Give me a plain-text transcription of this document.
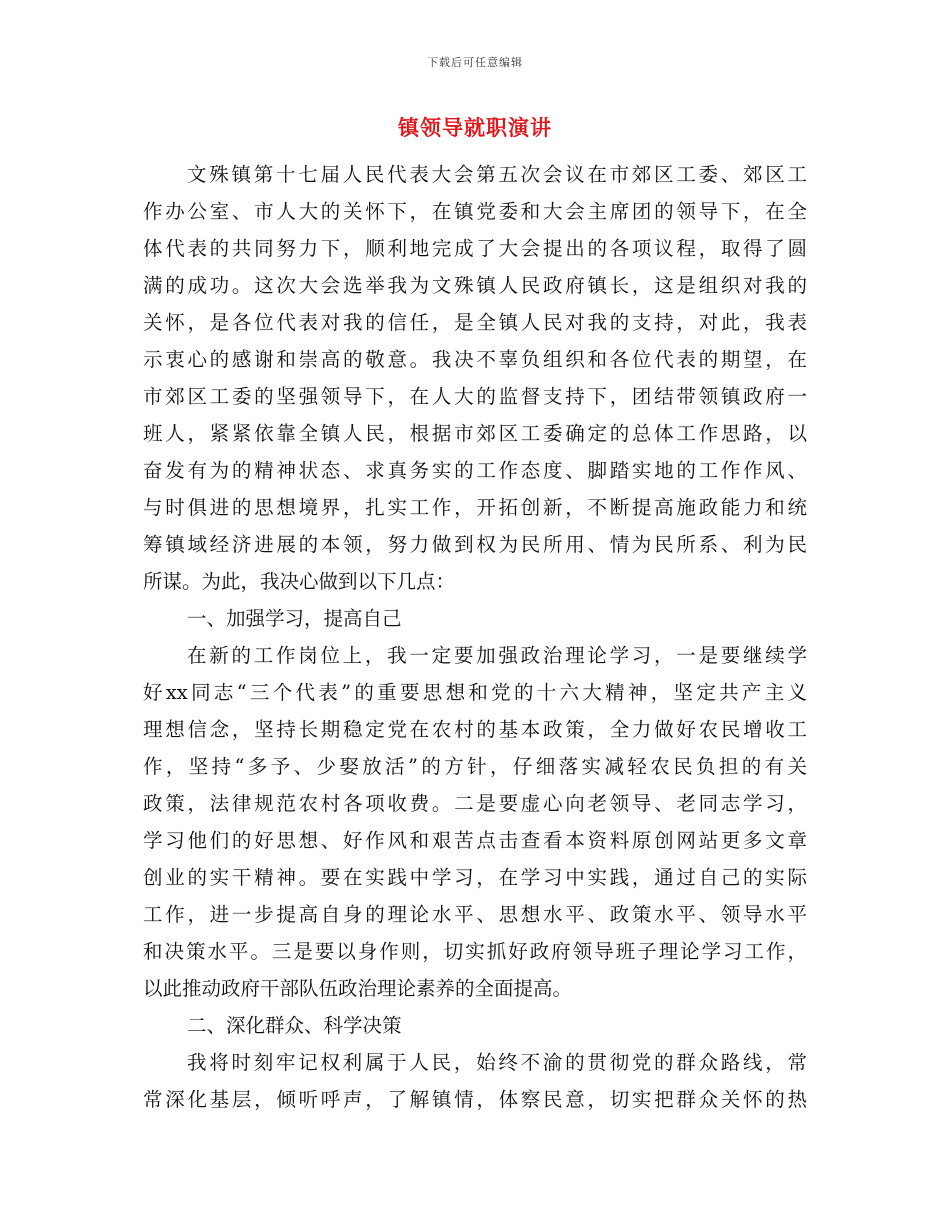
下载后可任意编辑
镇领导就职演讲
文殊镇第十七届人民代表大会第五次会议在市郊区工委、郊区工
作办公室、市人大的关怀下，在镇党委和大会主席团的领导下，在全
体代表的共同努力下，顺利地完成了大会提出的各项议程，取得了圆
满的成功。这次大会选举我为文殊镇人民政府镇长，这是组织对我的
关怀，是各位代表对我的信任，是全镇人民对我的支持，对此，我表
示衷心的感谢和崇高的敬意。我决不辜负组织和各位代表的期望，在
市郊区工委的坚强领导下，在人大的监督支持下，团结带领镇政府一
班人，紧紧依靠全镇人民，根据市郊区工委确定的总体工作思路，以
奋发有为的精神状态、求真务实的工作态度、脚踏实地的工作作风、
与时俱进的思想境界，扎实工作，开拓创新，不断提高施政能力和统
筹镇域经济进展的本领，努力做到权为民所用、情为民所系、利为民
所谋。为此，我决心做到以下几点：
一、加强学习，提高自己
在新的工作岗位上，我一定要加强政治理论学习，一是要继续学
好xx同志“三个代表”的重要思想和党的十六大精神，坚定共产主义
理想信念，坚持长期稳定党在农村的基本政策，全力做好农民增收工
作，坚持“多予、少娶放活”的方针，仔细落实减轻农民负担的有关
政策，法律规范农村各项收费。二是要虚心向老领导、老同志学习，
学习他们的好思想、好作风和艰苦点击查看本资料原创网站更多文章
创业的实干精神。要在实践中学习，在学习中实践，通过自己的实际
工作，进一步提高自身的理论水平、思想水平、政策水平、领导水平
和决策水平。三是要以身作则，切实抓好政府领导班子理论学习工作，
以此推动政府干部队伍政治理论素养的全面提高。
二、深化群众、科学决策
我将时刻牢记权利属于人民，始终不渝的贯彻党的群众路线，常
常深化基层，倾听呼声，了解镇情，体察民意，切实把群众关怀的热
